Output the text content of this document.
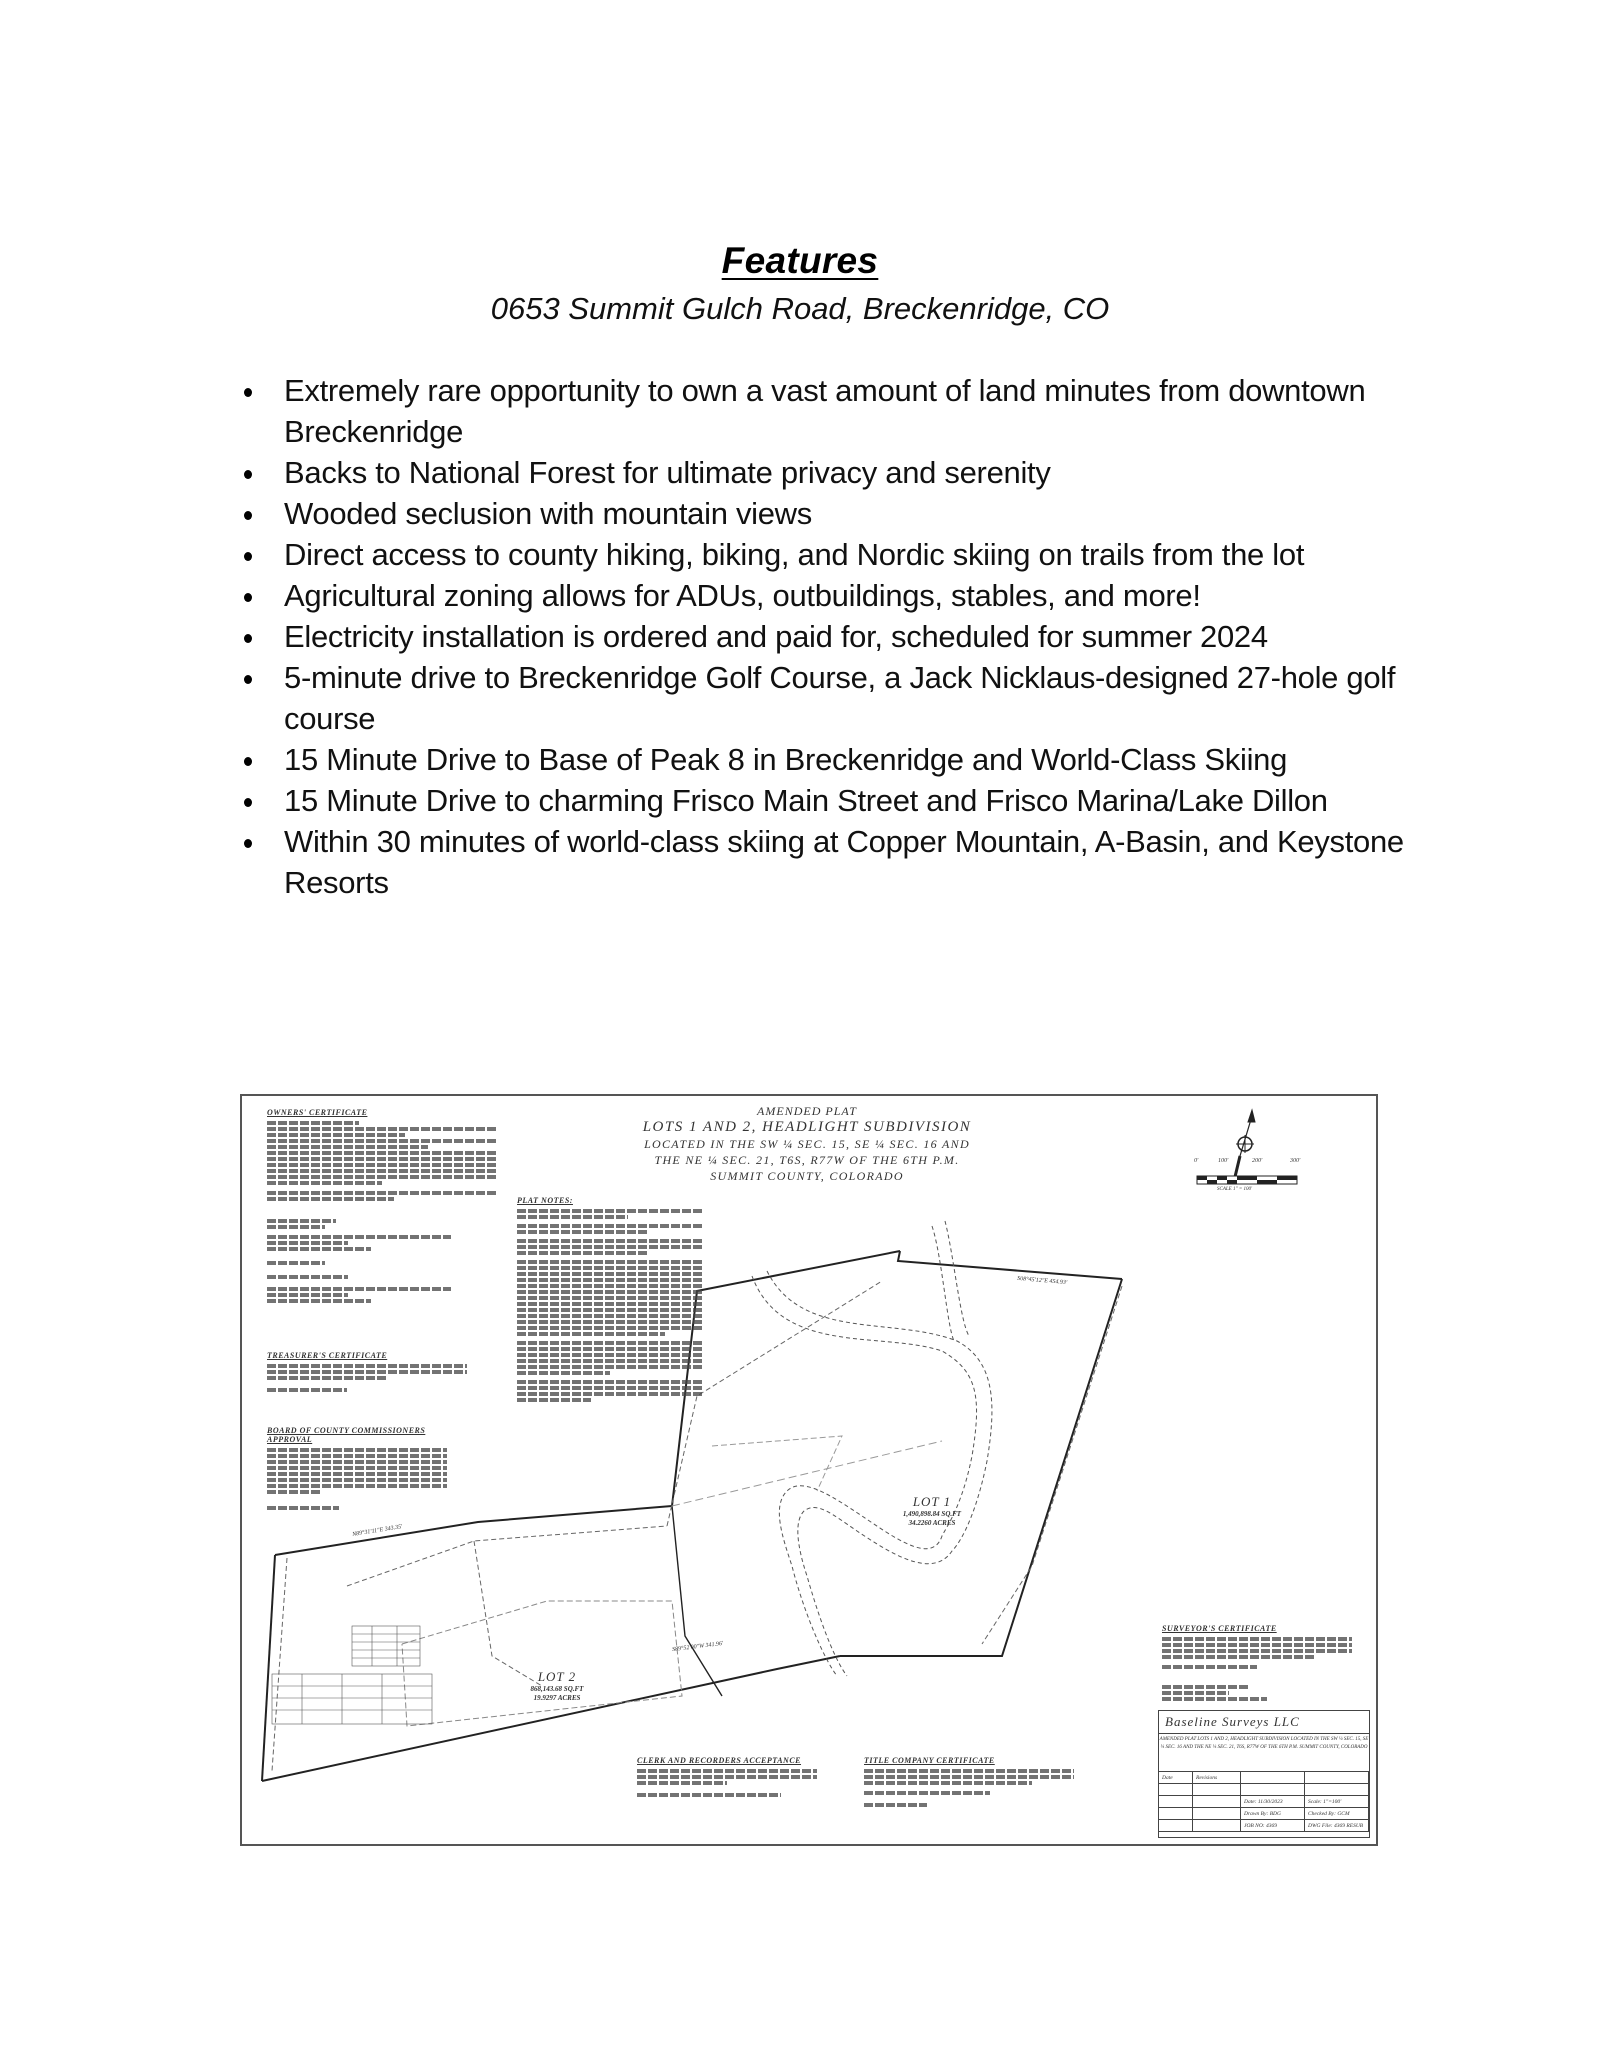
Features
0653 Summit Gulch Road, Breckenridge, CO
Extremely rare opportunity to own a vast amount of land minutes from downtown Breckenridge
Backs to National Forest for ultimate privacy and serenity
Wooded seclusion with mountain views
Direct access to county hiking, biking, and Nordic skiing on trails from the lot
Agricultural zoning allows for ADUs, outbuildings, stables, and more!
Electricity installation is ordered and paid for, scheduled for summer 2024
5-minute drive to Breckenridge Golf Course, a Jack Nicklaus-designed 27-hole golf course
15 Minute Drive to Base of Peak 8 in Breckenridge and World-Class Skiing
15 Minute Drive to charming Frisco Main Street and Frisco Marina/Lake Dillon
Within 30 minutes of world-class skiing at Copper Mountain, A-Basin, and Keystone Resorts
AMENDED PLAT
LOTS 1 AND 2, HEADLIGHT SUBDIVISION
LOCATED IN THE SW ¼ SEC. 15, SE ¼ SEC. 16 AND
THE NE ¼ SEC. 21, T6S, R77W OF THE 6TH P.M.
SUMMIT COUNTY, COLORADO
0'	100'	200'	300'
SCALE 1" = 100'
OWNERS' CERTIFICATE
TREASURER'S CERTIFICATE
BOARD OF COUNTY COMMISSIONERS APPROVAL
PLAT NOTES:
CLERK AND RECORDERS ACCEPTANCE	TITLE COMPANY CERTIFICATE
SURVEYOR'S CERTIFICATE
LOT 1
1,490,898.84 SQ.FT
34.2260 ACRES
LOT 2
868,143.68 SQ.FT
19.9297 ACRES
N89°31'11"E 343.35'
S08°45'12"E 454.93'
S89°52'00"W 341.96'
Baseline Surveys LLC
AMENDED PLAT LOTS 1 AND 2, HEADLIGHT SUBDIVISION LOCATED IN THE SW ¼ SEC. 15, SE ¼ SEC. 16 AND THE NE ¼ SEC. 21, T6S, R77W OF THE 6TH P.M. SUMMIT COUNTY, COLORADO
Date	Revisions
Date: 11/30/2023	Scale: 1"=100'
Drawn By: BDG	Checked By: GCM
JOB NO: 4369	DWG File: 4369 RESUB
